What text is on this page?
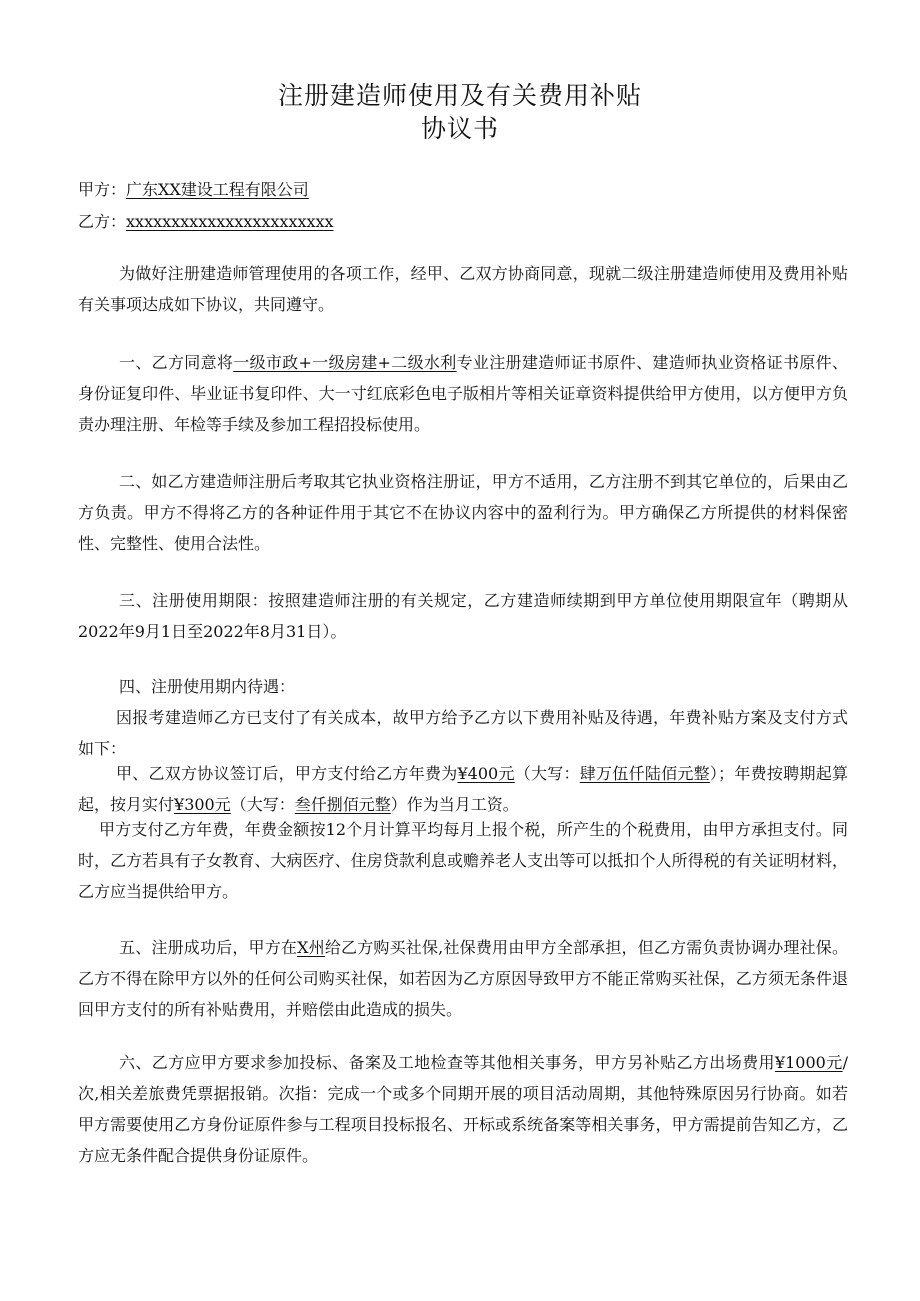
注册建造师使用及有关费用补贴
协议书
甲方：广东XX建设工程有限公司
乙方：xxxxxxxxxxxxxxxxxxxxxxx

为做好注册建造师管理使用的各项工作，经甲、乙双方协商同意，现就二级注册建造师使用及费用补贴有关事项达成如下协议，共同遵守。

一、乙方同意将一级市政+一级房建+二级水利专业注册建造师证书原件、建造师执业资格证书原件、身份证复印件、毕业证书复印件、大一寸红底彩色电子版相片等相关证章资料提供给甲方使用，以方便甲方负责办理注册、年检等手续及参加工程招投标使用。

二、如乙方建造师注册后考取其它执业资格注册证，甲方不适用，乙方注册不到其它单位的，后果由乙方负责。甲方不得将乙方的各种证件用于其它不在协议内容中的盈利行为。甲方确保乙方所提供的材料保密性、完整性、使用合法性。

三、注册使用期限：按照建造师注册的有关规定，乙方建造师续期到甲方单位使用期限宣年（聘期从2022年9月1日至2022年8月31日）。

四、注册使用期内待遇：

因报考建造师乙方已支付了有关成本，故甲方给予乙方以下费用补贴及待遇，年费补贴方案及支付方式如下：

甲、乙双方协议签订后，甲方支付给乙方年费为¥400元（大写：肆万伍仟陆佰元整）；年费按聘期起算起，按月实付¥300元（大写：叁仟捌佰元整）作为当月工资。

甲方支付乙方年费，年费金额按12个月计算平均每月上报个税，所产生的个税费用，由甲方承担支付。同时，乙方若具有子女教育、大病医疗、住房贷款利息或赡养老人支出等可以抵扣个人所得税的有关证明材料，乙方应当提供给甲方。

五、注册成功后，甲方在X州给乙方购买社保,社保费用由甲方全部承担，但乙方需负责协调办理社保。乙方不得在除甲方以外的任何公司购买社保，如若因为乙方原因导致甲方不能正常购买社保，乙方须无条件退回甲方支付的所有补贴费用，并赔偿由此造成的损失。

六、乙方应甲方要求参加投标、备案及工地检查等其他相关事务，甲方另补贴乙方出场费用¥1000元/次,相关差旅费凭票据报销。次指：完成一个或多个同期开展的项目活动周期，其他特殊原因另行协商。如若甲方需要使用乙方身份证原件参与工程项目投标报名、开标或系统备案等相关事务，甲方需提前告知乙方，乙方应无条件配合提供身份证原件。
